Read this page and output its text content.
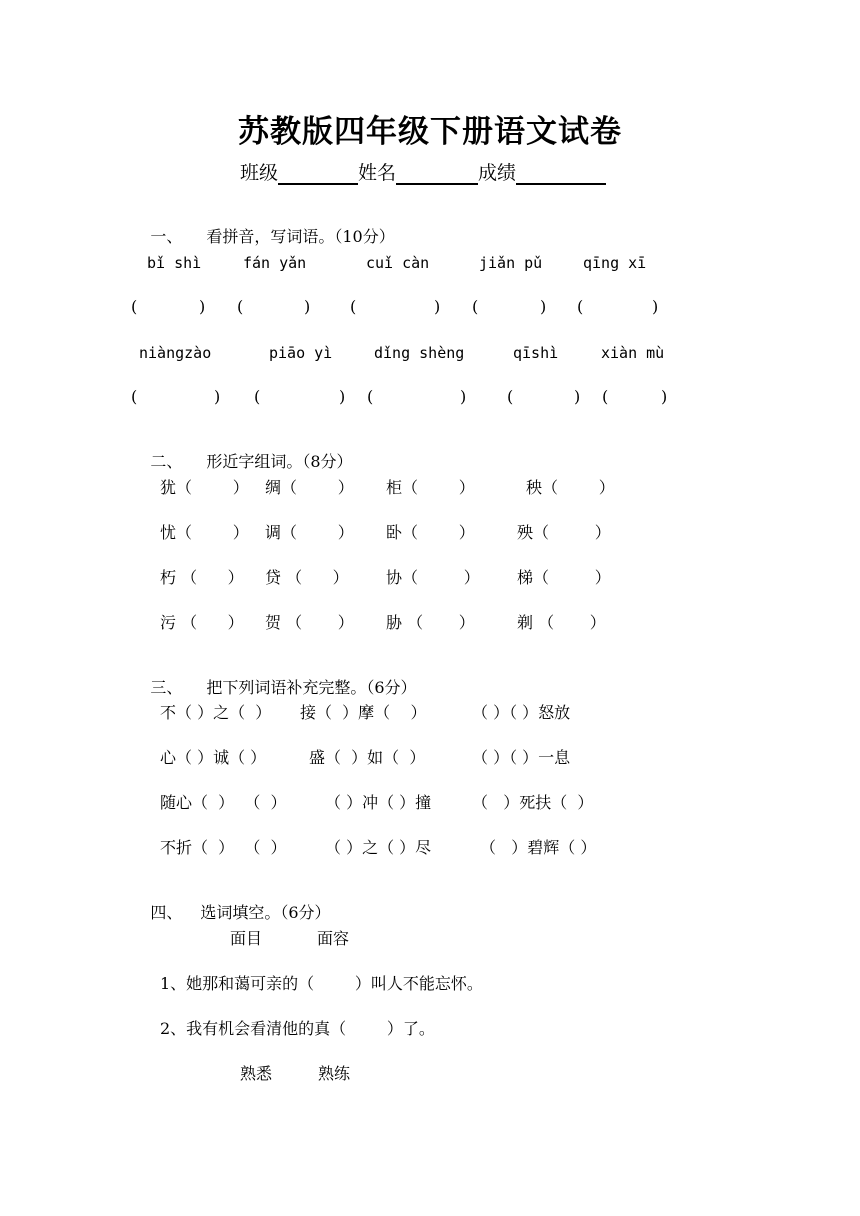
苏教版四年级下册语文试卷
班级	姓名	成绩

一、 看拼音，写词语。（10分）

bǐ shì	fán yǎn	cuǐ càn	jiǎn pǔ	qīng xī
(	) (	) (	) (	) (	)
niàngzào	piāo yì	dǐng shèng	qīshì	xiàn mù
(	) (	) (	)	(	) (	)

二、 形近字组词。（8分）

犹（        ） 绸（        ） 柜（        ）	秧（        ）
忧（        ） 调（        ） 卧（        ）	殃（         ）
朽 （      ） 贷 （      ） 协（         ） 梯（         ）
污 （      ） 贺 （       ） 胁 （       ）	剃 （       ）

三、 把下列词语补充完整。（6分）

不（ ）之（  ） 接（  ）摩（    ）	（ ）（ ）怒放
心（ ）诚（ ）	盛（  ）如（  ）	（ ）（ ）一息
随心（  ）  （  ） （ ）冲（ ）撞	（   ）死扶（  ）
不折（  ）  （  ） （ ）之（ ）尽	（   ）碧辉（ ）

四、 选词填空。（6分）

面目	面容
1、她那和蔼可亲的（        ）叫人不能忘怀。
2、我有机会看清他的真（        ）了。
熟悉	熟练
